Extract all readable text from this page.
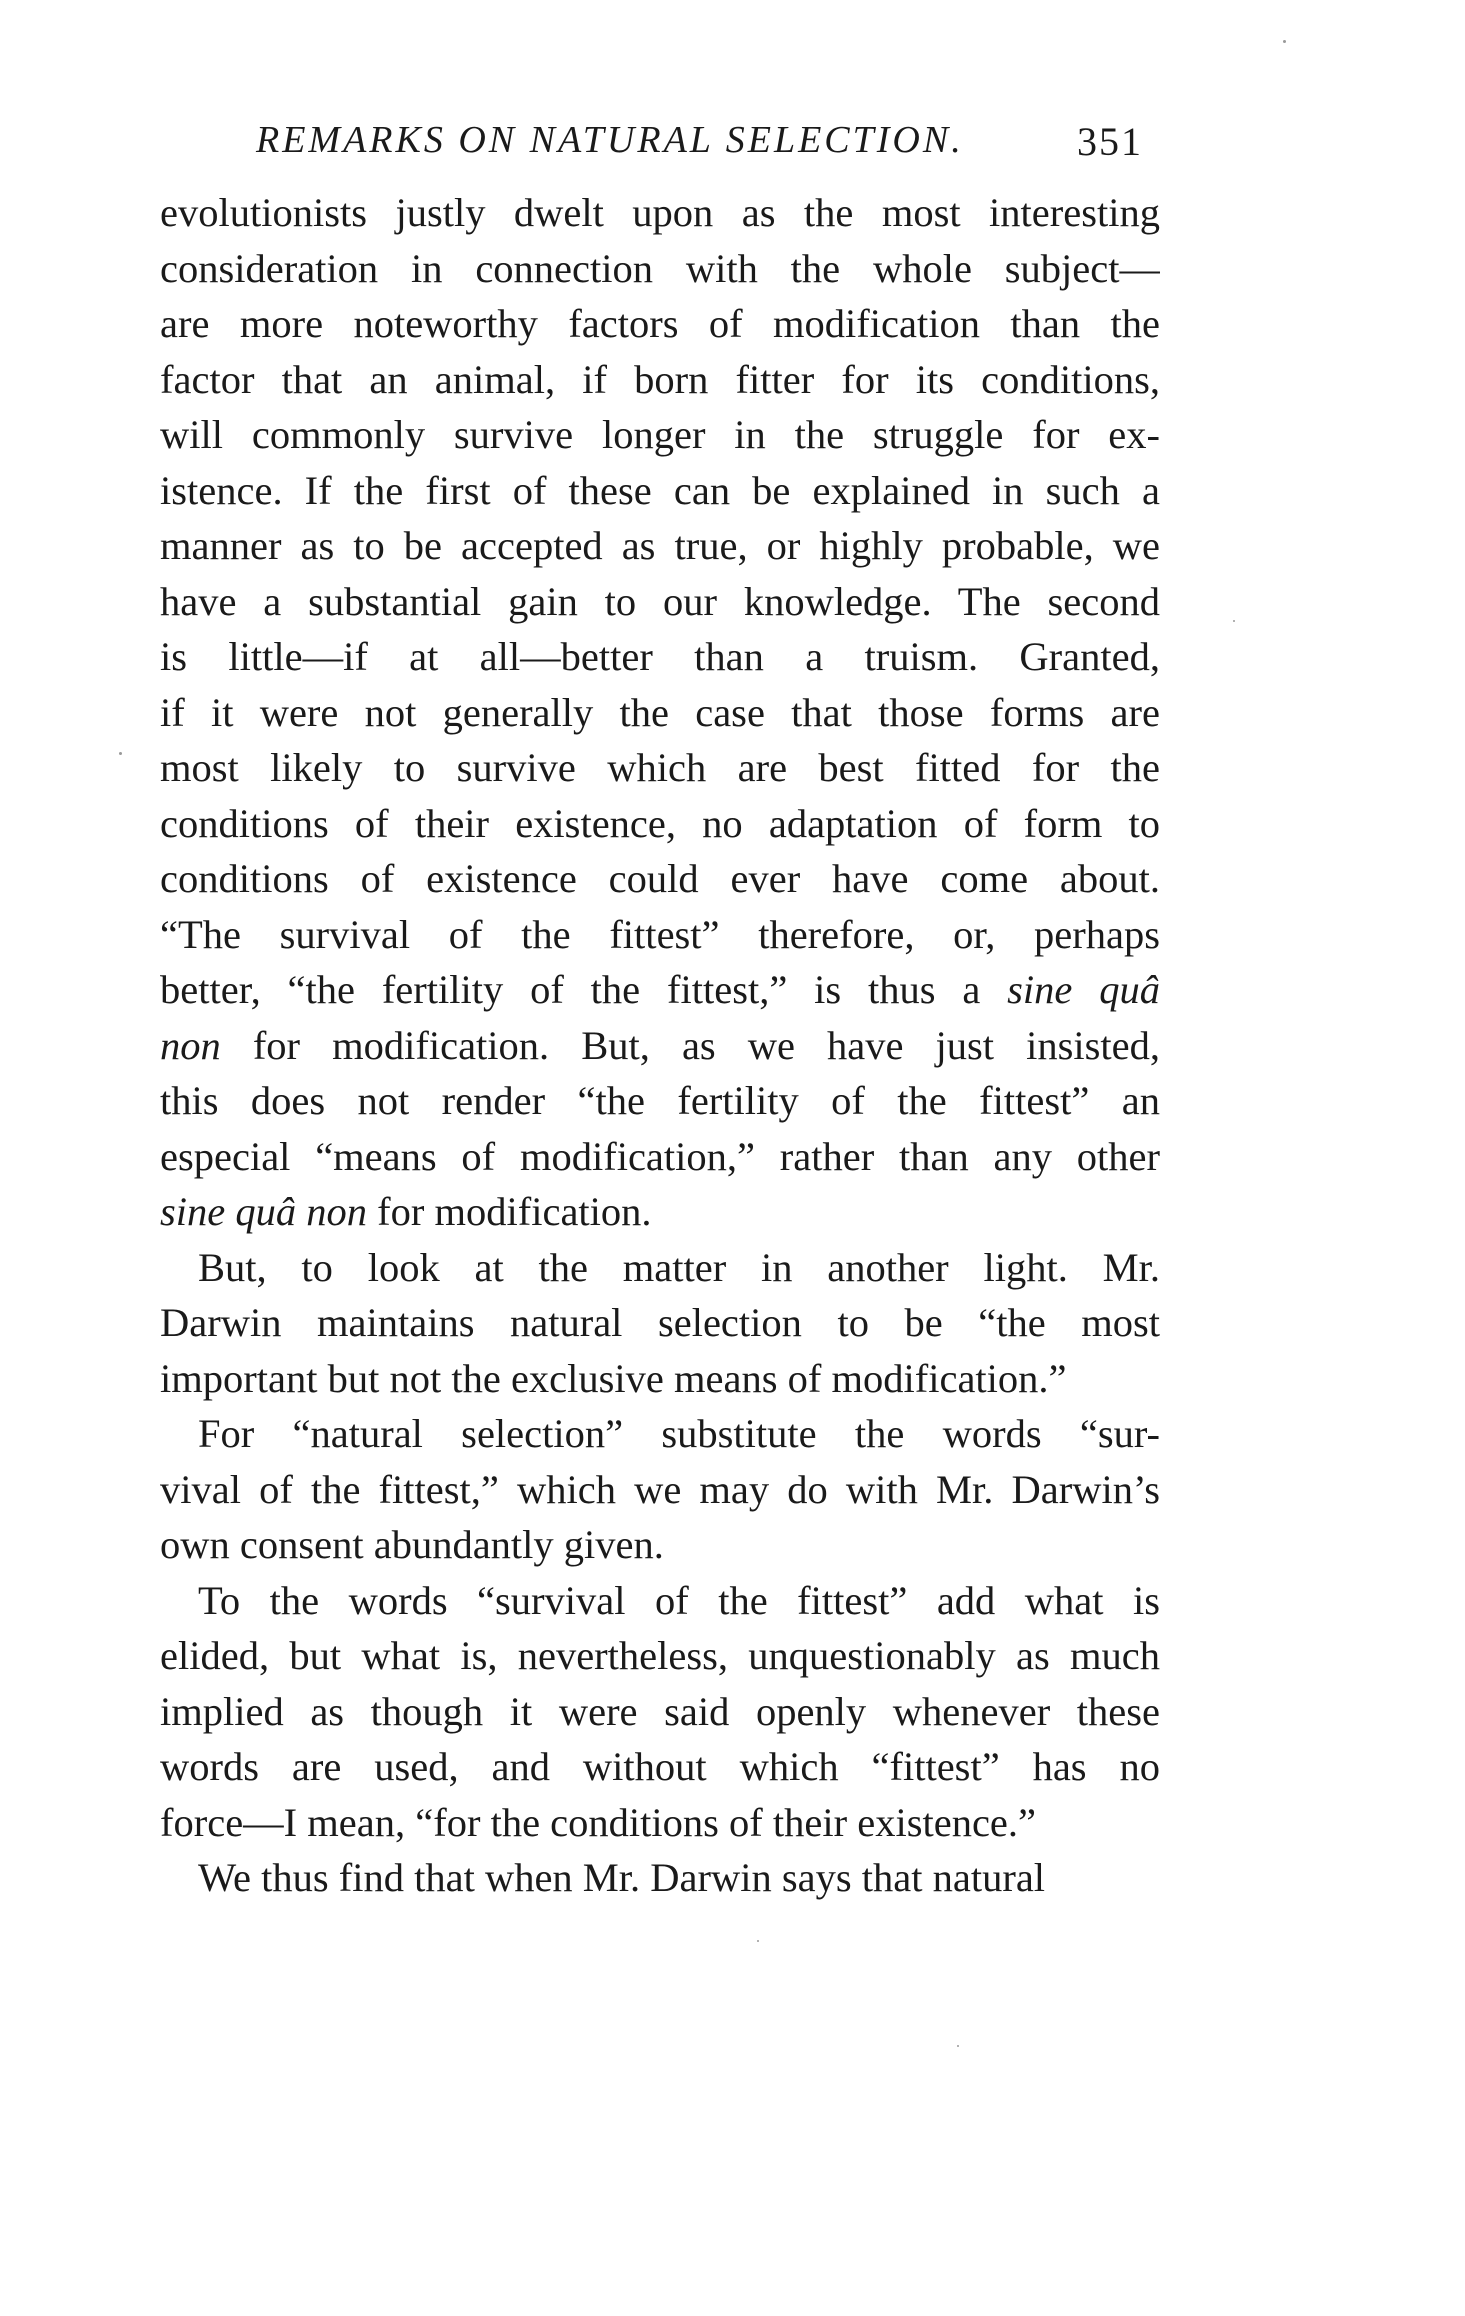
REMARKS ON NATURAL SELECTION.	351
evolutionists justly dwelt upon as the most interesting
consideration in connection with the whole subject—
are more noteworthy factors of modification than the
factor that an animal, if born fitter for its conditions,
will commonly survive longer in the struggle for ex-
istence. If the first of these can be explained in such a
manner as to be accepted as true, or highly probable, we
have a substantial gain to our knowledge. The second
is little—if at all—better than a truism. Granted,
if it were not generally the case that those forms are
most likely to survive which are best fitted for the
conditions of their existence, no adaptation of form to
conditions of existence could ever have come about.
“The survival of the fittest” therefore, or, perhaps
better, “the fertility of the fittest,” is thus a sine quâ
non for modification. But, as we have just insisted,
this does not render “the fertility of the fittest” an
especial “means of modification,” rather than any other
sine quâ non for modification.
But, to look at the matter in another light. Mr.
Darwin maintains natural selection to be “the most
important but not the exclusive means of modification.”
For “natural selection” substitute the words “sur-
vival of the fittest,” which we may do with Mr. Darwin’s
own consent abundantly given.
To the words “survival of the fittest” add what is
elided, but what is, nevertheless, unquestionably as much
implied as though it were said openly whenever these
words are used, and without which “fittest” has no
force—I mean, “for the conditions of their existence.”
We thus find that when Mr. Darwin says that natural
